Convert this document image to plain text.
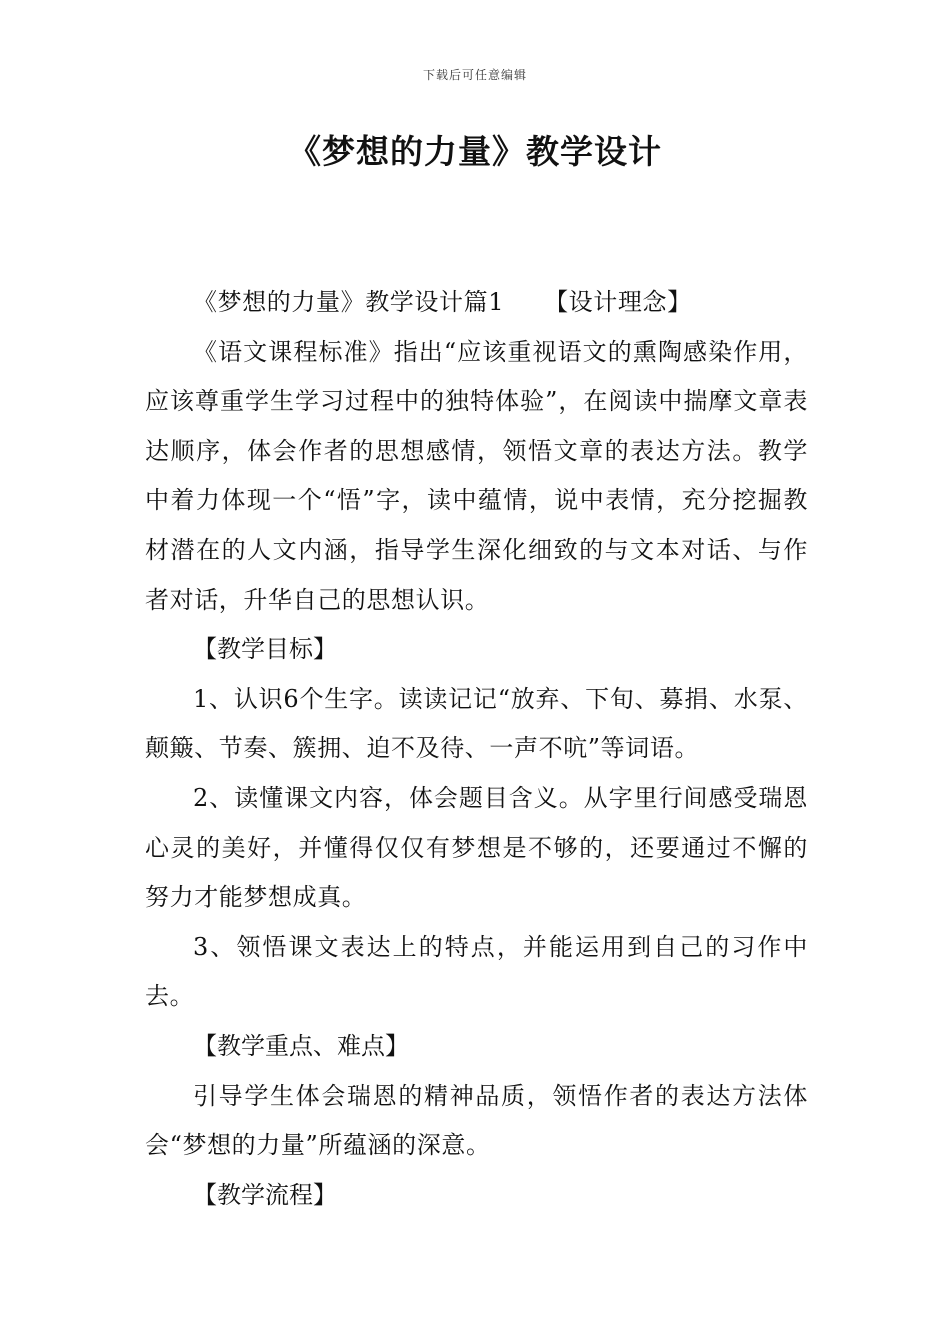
下载后可任意编辑
《梦想的力量》教学设计

《梦想的力量》教学设计篇1 【设计理念】

《语文课程标准》指出“应该重视语文的熏陶感染作用，应该尊重学生学习过程中的独特体验”，在阅读中揣摩文章表达顺序，体会作者的思想感情，领悟文章的表达方法。教学中着力体现一个“悟”字，读中蕴情，说中表情，充分挖掘教材潜在的人文内涵，指导学生深化细致的与文本对话、与作者对话，升华自己的思想认识。

【教学目标】

1、认识6个生字。读读记记“放弃、下旬、募捐、水泵、颠簸、节奏、簇拥、迫不及待、一声不吭”等词语。

2、读懂课文内容，体会题目含义。从字里行间感受瑞恩心灵的美好，并懂得仅仅有梦想是不够的，还要通过不懈的努力才能梦想成真。

3、领悟课文表达上的特点，并能运用到自己的习作中去。

【教学重点、难点】

引导学生体会瑞恩的精神品质，领悟作者的表达方法体会“梦想的力量”所蕴涵的深意。

【教学流程】
